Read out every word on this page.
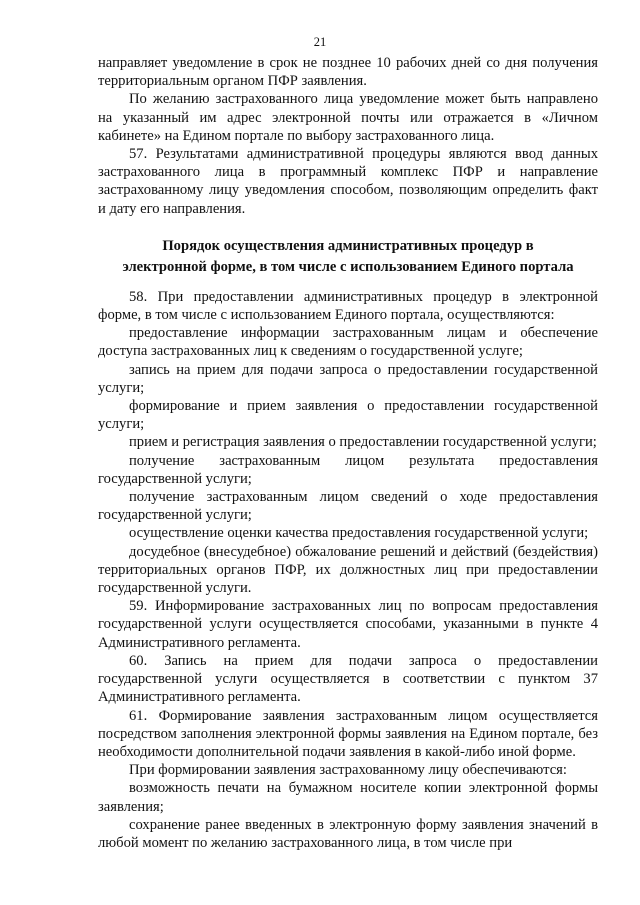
21

направляет уведомление в срок не позднее 10 рабочих дней со дня получения территориальным органом ПФР заявления.

По желанию застрахованного лица уведомление может быть направлено на указанный им адрес электронной почты или отражается в «Личном кабинете» на Едином портале по выбору застрахованного лица.

57. Результатами административной процедуры являются ввод данных застрахованного лица в программный комплекс ПФР и направление застрахованному лицу уведомления способом, позволяющим определить факт и дату его направления.

Порядок осуществления административных процедур в
электронной форме, в том числе с использованием Единого портала

58. При предоставлении административных процедур в электронной форме, в том числе с использованием Единого портала, осуществляются:

предоставление информации застрахованным лицам и обеспечение доступа застрахованных лиц к сведениям о государственной услуге;

запись на прием для подачи запроса о предоставлении государственной услуги;

формирование и прием заявления о предоставлении государственной услуги;

прием и регистрация заявления о предоставлении государственной услуги;

получение застрахованным лицом результата предоставления государственной услуги;

получение застрахованным лицом сведений о ходе предоставления государственной услуги;

осуществление оценки качества предоставления государственной услуги;

досудебное (внесудебное) обжалование решений и действий (бездействия) территориальных органов ПФР, их должностных лиц при предоставлении государственной услуги.

59. Информирование застрахованных лиц по вопросам предоставления государственной услуги осуществляется способами, указанными в пункте 4 Административного регламента.

60. Запись на прием для подачи запроса о предоставлении государственной услуги осуществляется в соответствии с пунктом 37 Административного регламента.

61. Формирование заявления застрахованным лицом осуществляется посредством заполнения электронной формы заявления на Едином портале, без необходимости дополнительной подачи заявления в какой-либо иной форме.

При формировании заявления застрахованному лицу обеспечиваются:

возможность печати на бумажном носителе копии электронной формы заявления;

сохранение ранее введенных в электронную форму заявления значений в любой момент по желанию застрахованного лица, в том числе при
